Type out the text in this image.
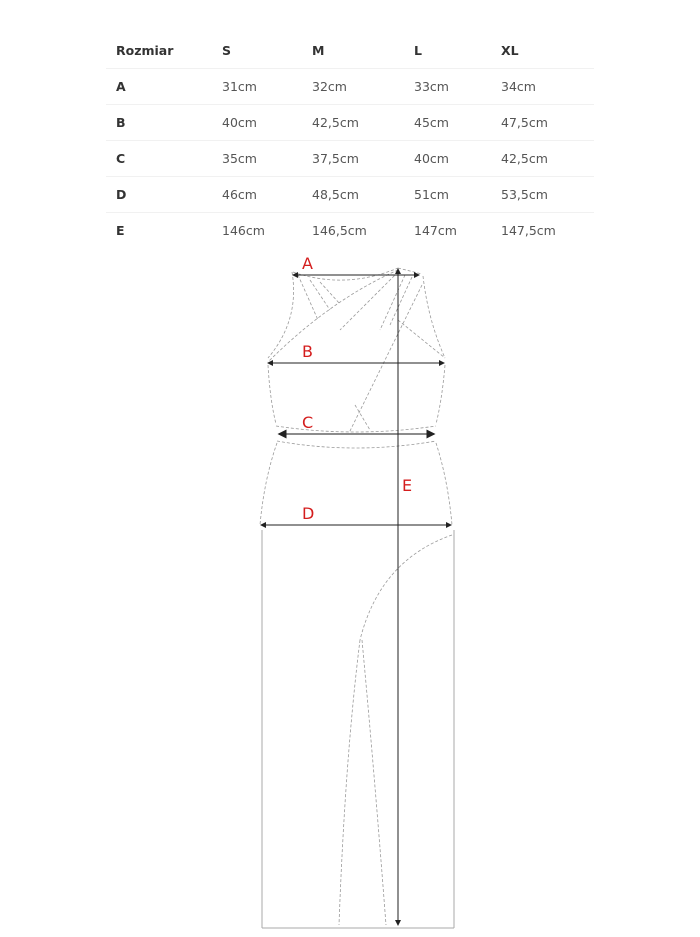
Rozmiar	S	M	L	XL
A	31cm	32cm	33cm	34cm
B	40cm	42,5cm	45cm	47,5cm
C	35cm	37,5cm	40cm	42,5cm
D	46cm	48,5cm	51cm	53,5cm
E	146cm	146,5cm	147cm	147,5cm
A
B
C
D
E
